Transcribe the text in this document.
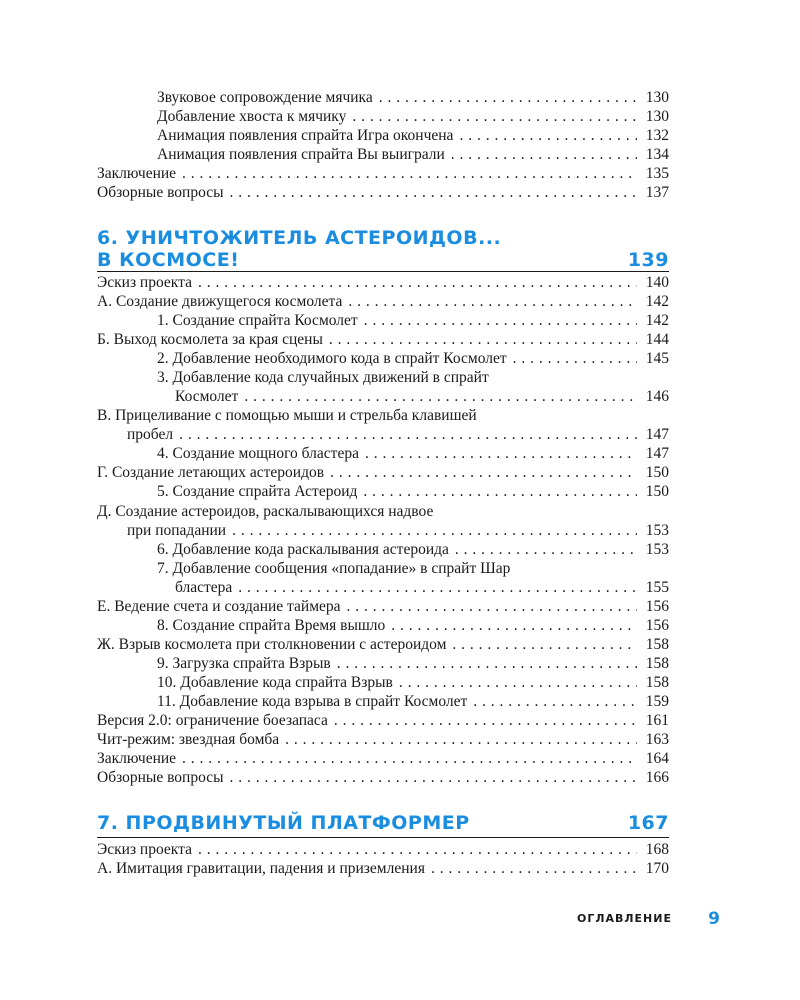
Звуковое сопровождение мячика . . .	130
Добавление хвоста к мячику . . .	130
Анимация появления спрайта Игра окончена . . .	132
Анимация появления спрайта Вы выиграли . . .	134
Заключение . . .	135
Обзорные вопросы . . .	137
6. УНИЧТОЖИТЕЛЬ АСТЕРОИДОВ...
В КОСМОСЕ!	139
Эскиз проекта . . .	140
А. Создание движущегося космолета . . .	142
1. Создание спрайта Космолет . . .	142
Б. Выход космолета за края сцены . . .	144
2. Добавление необходимого кода в спрайт Космолет . . .	145
3. Добавление кода случайных движений в спрайт
Космолет . . .	146
В. Прицеливание с помощью мыши и стрельба клавишей
пробел . . .	147
4. Создание мощного бластера . . .	147
Г. Создание летающих астероидов . . .	150
5. Создание спрайта Астероид . . .	150
Д. Создание астероидов, раскалывающихся надвое
при попадании . . .	153
6. Добавление кода раскалывания астероида . . .	153
7. Добавление сообщения «попадание» в спрайт Шар
бластера . . .	155
Е. Ведение счета и создание таймера . . .	156
8. Создание спрайта Время вышло . . .	156
Ж. Взрыв космолета при столкновении с астероидом . . .	158
9. Загрузка спрайта Взрыв . . .	158
10. Добавление кода спрайта Взрыв . . .	158
11. Добавление кода взрыва в спрайт Космолет . . .	159
Версия 2.0: ограничение боезапаса . . .	161
Чит-режим: звездная бомба . . .	163
Заключение . . .	164
Обзорные вопросы . . .	166
7. ПРОДВИНУТЫЙ ПЛАТФОРМЕР	167
Эскиз проекта . . .	168
А. Имитация гравитации, падения и приземления . . .	170
ОГЛАВЛЕНИЕ 9
